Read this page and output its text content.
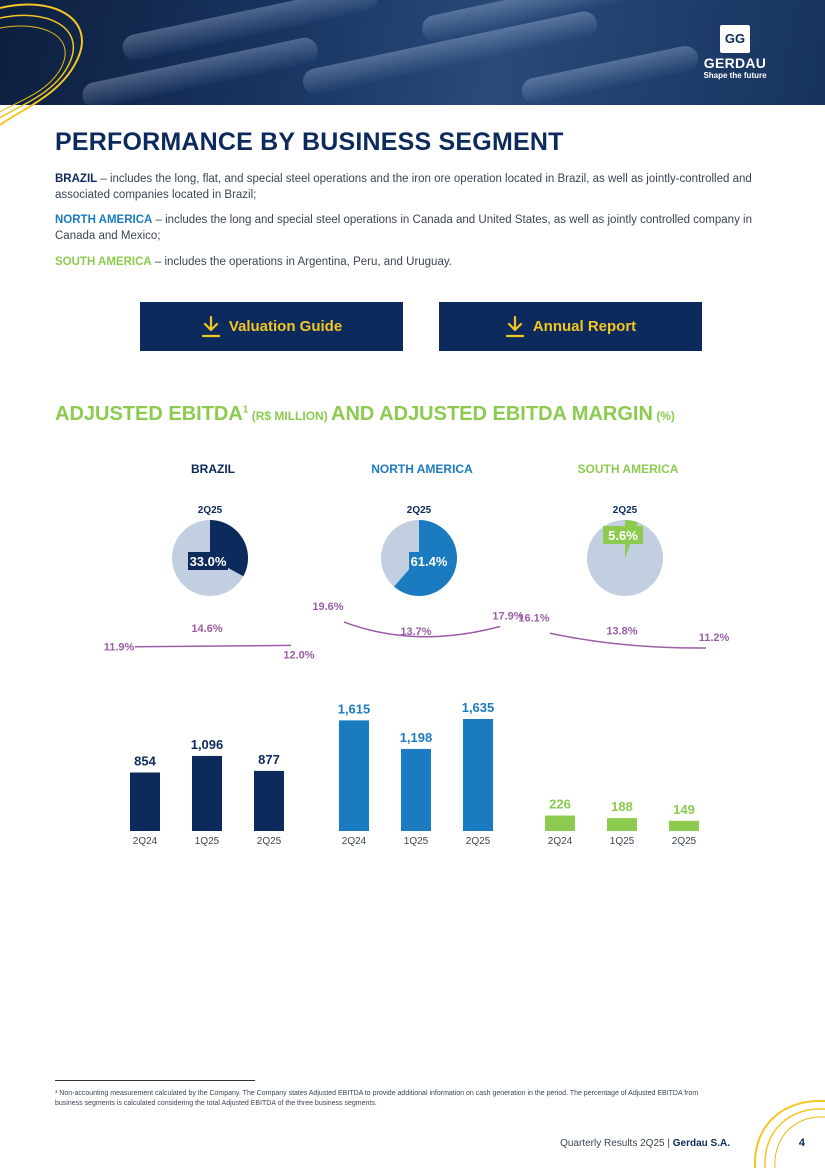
GG
GERDAU
Shape the future
PERFORMANCE BY BUSINESS SEGMENT

BRAZIL – includes the long, flat, and special steel operations and the iron ore operation located in Brazil, as well as jointly-controlled and associated companies located in Brazil;

NORTH AMERICA – includes the long and special steel operations in Canada and United States, as well as jointly controlled company in Canada and Mexico;

SOUTH AMERICA – includes the operations in Argentina, Peru, and Uruguay.

Valuation Guide	Annual Report
ADJUSTED EBITDA$^1$ (R$ MILLION) AND ADJUSTED EBITDA MARGIN (%)
BRAZIL
2Q25
33.0%
11.9%
14.6%
12.0%
854
2Q24
1,096
1Q25
877
2Q25
NORTH AMERICA
2Q25
61.4%
19.6%
13.7%
17.9%
1,615
2Q24
1,198
1Q25
1,635
2Q25
SOUTH AMERICA
2Q25
5.6%
16.1%
13.8%
11.2%
226
2Q24
188
1Q25
149
2Q25

¹ Non-accounting measurement calculated by the Company. The Company states Adjusted EBITDA to provide additional information on cash generation in the period. The percentage of Adjusted EBITDA from business segments is calculated considering the total Adjusted EBITDA of the three business segments.

Quarterly Results 2Q25 | Gerdau S.A.	4
